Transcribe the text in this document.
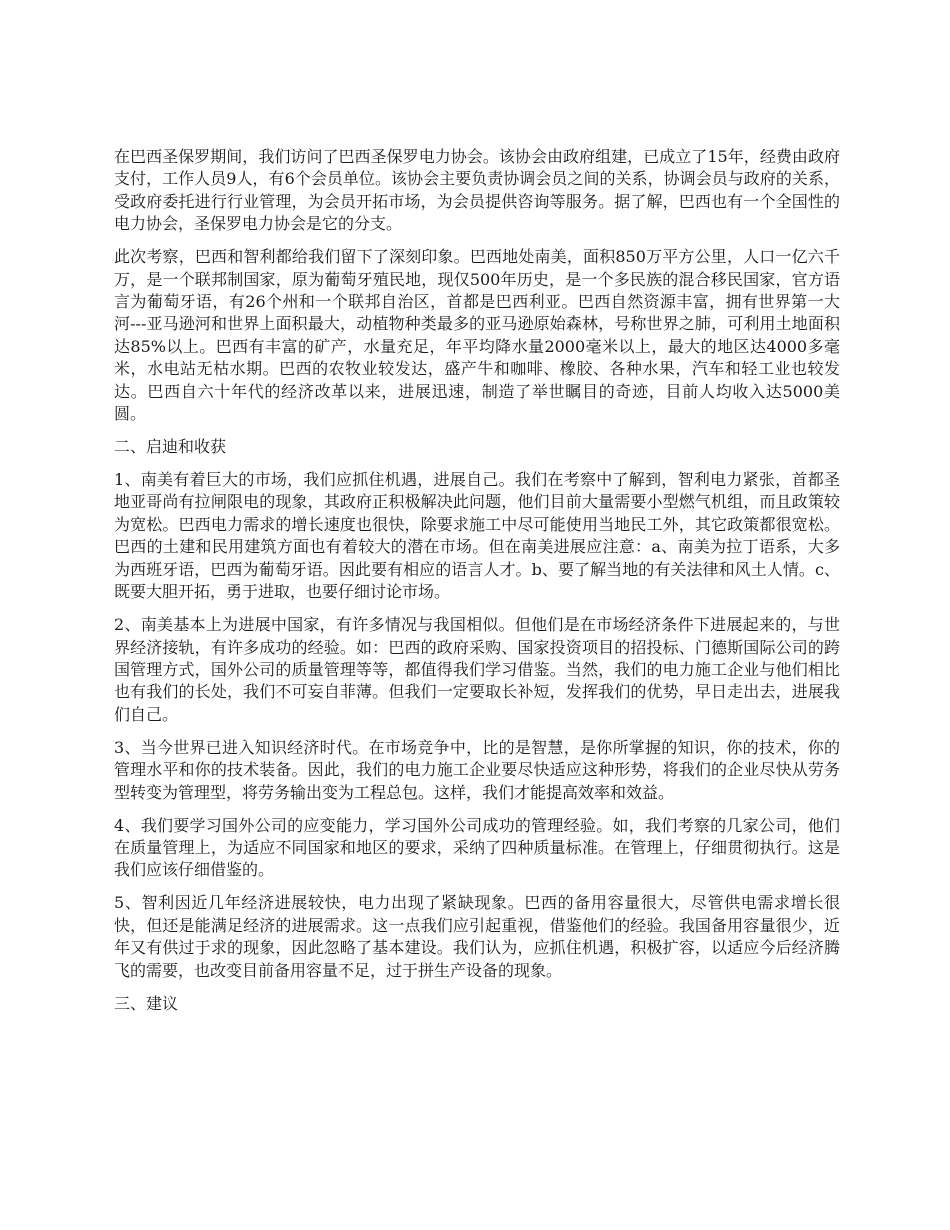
在巴西圣保罗期间，我们访问了巴西圣保罗电力协会。该协会由政府组建，已成立了15年，经费由政府支付，工作人员9人，有6个会员单位。该协会主要负责协调会员之间的关系，协调会员与政府的关系，受政府委托进行行业管理，为会员开拓市场，为会员提供咨询等服务。据了解，巴西也有一个全国性的电力协会，圣保罗电力协会是它的分支。

此次考察，巴西和智利都给我们留下了深刻印象。巴西地处南美，面积850万平方公里，人口一亿六千万，是一个联邦制国家，原为葡萄牙殖民地，现仅500年历史，是一个多民族的混合移民国家，官方语言为葡萄牙语，有26个州和一个联邦自治区，首都是巴西利亚。巴西自然资源丰富，拥有世界第一大河---亚马逊河和世界上面积最大，动植物种类最多的亚马逊原始森林，号称世界之肺，可利用土地面积达85%以上。巴西有丰富的矿产，水量充足，年平均降水量2000毫米以上，最大的地区达4000多毫米，水电站无枯水期。巴西的农牧业较发达，盛产牛和咖啡、橡胶、各种水果，汽车和轻工业也较发达。巴西自六十年代的经济改革以来，进展迅速，制造了举世瞩目的奇迹，目前人均收入达5000美圆。

二、启迪和收获

1、南美有着巨大的市场，我们应抓住机遇，进展自己。我们在考察中了解到，智利电力紧张，首都圣地亚哥尚有拉闸限电的现象，其政府正积极解决此问题，他们目前大量需要小型燃气机组，而且政策较为宽松。巴西电力需求的增长速度也很快，除要求施工中尽可能使用当地民工外，其它政策都很宽松。巴西的土建和民用建筑方面也有着较大的潜在市场。但在南美进展应注意：a、南美为拉丁语系，大多为西班牙语，巴西为葡萄牙语。因此要有相应的语言人才。b、要了解当地的有关法律和风土人情。c、既要大胆开拓，勇于进取，也要仔细讨论市场。

2、南美基本上为进展中国家，有许多情况与我国相似。但他们是在市场经济条件下进展起来的，与世界经济接轨，有许多成功的经验。如：巴西的政府采购、国家投资项目的招投标、门德斯国际公司的跨国管理方式，国外公司的质量管理等等，都值得我们学习借鉴。当然，我们的电力施工企业与他们相比也有我们的长处，我们不可妄自菲薄。但我们一定要取长补短，发挥我们的优势，早日走出去，进展我们自己。

3、当今世界已进入知识经济时代。在市场竞争中，比的是智慧，是你所掌握的知识，你的技术，你的管理水平和你的技术装备。因此，我们的电力施工企业要尽快适应这种形势，将我们的企业尽快从劳务型转变为管理型，将劳务输出变为工程总包。这样，我们才能提高效率和效益。

4、我们要学习国外公司的应变能力，学习国外公司成功的管理经验。如，我们考察的几家公司，他们在质量管理上，为适应不同国家和地区的要求，采纳了四种质量标准。在管理上，仔细贯彻执行。这是我们应该仔细借鉴的。

5、智利因近几年经济进展较快，电力出现了紧缺现象。巴西的备用容量很大，尽管供电需求增长很快，但还是能满足经济的进展需求。这一点我们应引起重视，借鉴他们的经验。我国备用容量很少，近年又有供过于求的现象，因此忽略了基本建设。我们认为，应抓住机遇，积极扩容，以适应今后经济腾飞的需要，也改变目前备用容量不足，过于拼生产设备的现象。

三、建议
